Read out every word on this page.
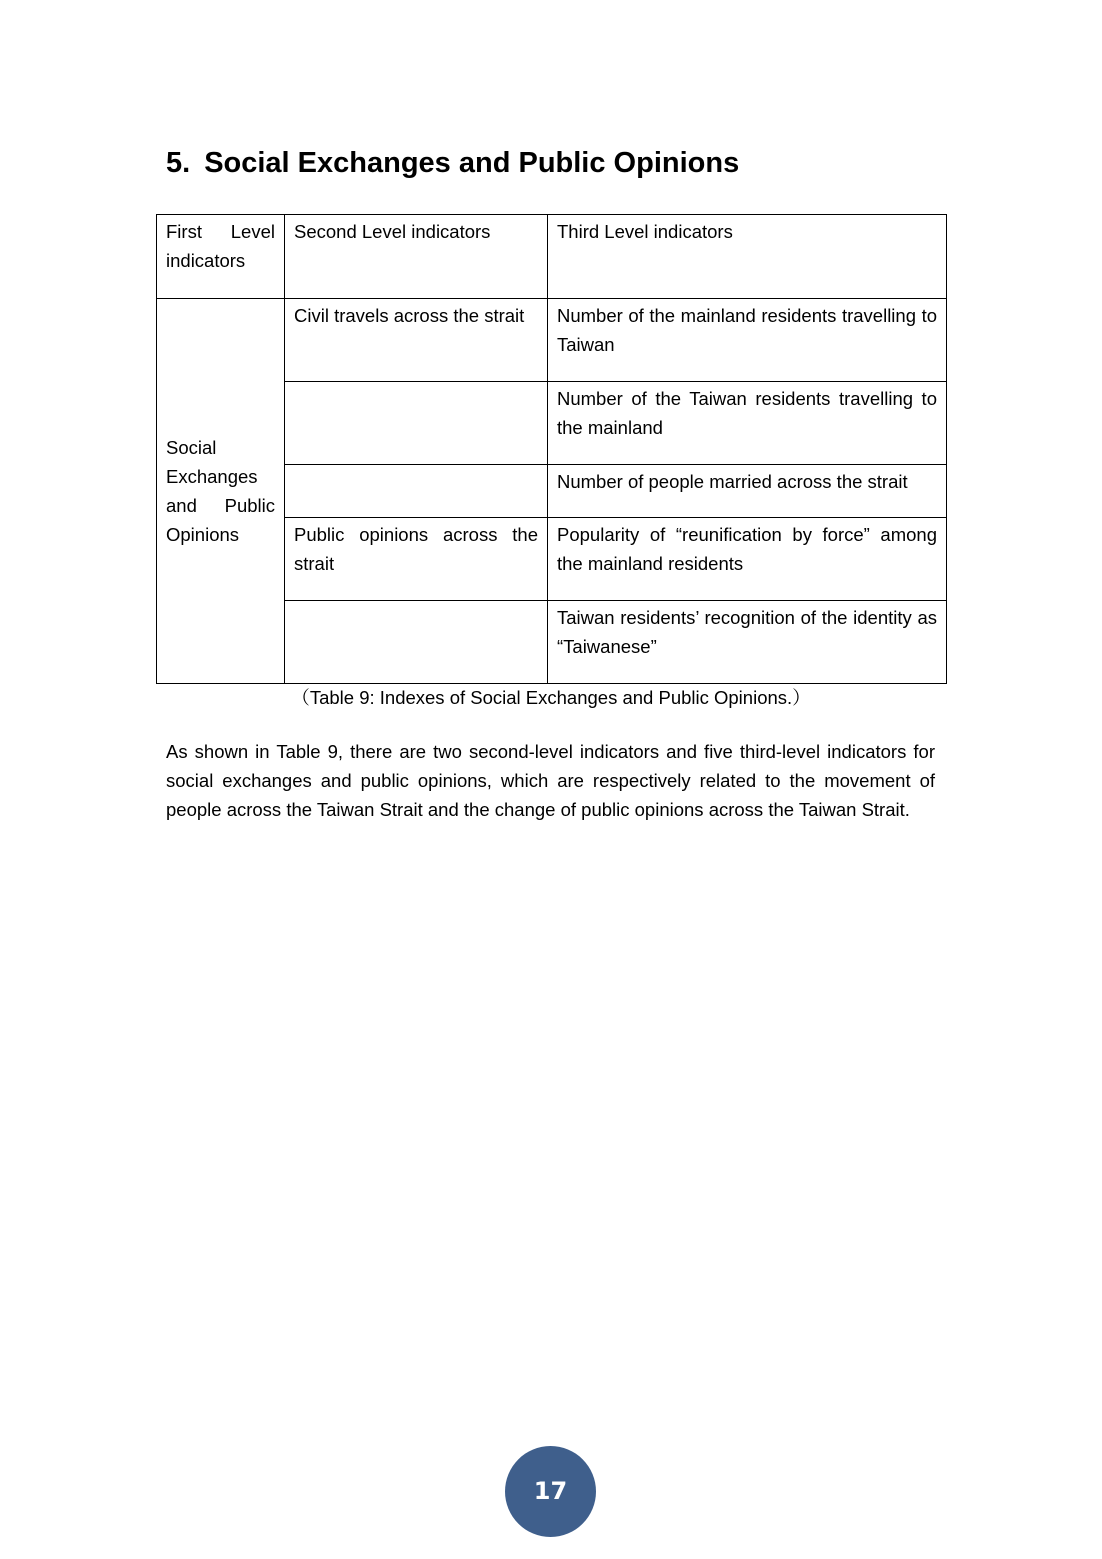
5. Social Exchanges and Public Opinions
First Level indicators	Second Level indicators	Third Level indicators
Social Exchanges and Public Opinions	Civil travels across the strait	Number of the mainland residents travelling to Taiwan
		Number of the Taiwan residents travelling to the mainland
		Number of people married across the strait
	Public opinions across the strait	Popularity of “reunification by force” among the mainland residents
		Taiwan residents’ recognition of the identity as “Taiwanese”
（Table 9: Indexes of Social Exchanges and Public Opinions.）

As shown in Table 9, there are two second-level indicators and five third-level indicators for social exchanges and public opinions, which are respectively related to the movement of people across the Taiwan Strait and the change of public opinions across the Taiwan Strait.

17
